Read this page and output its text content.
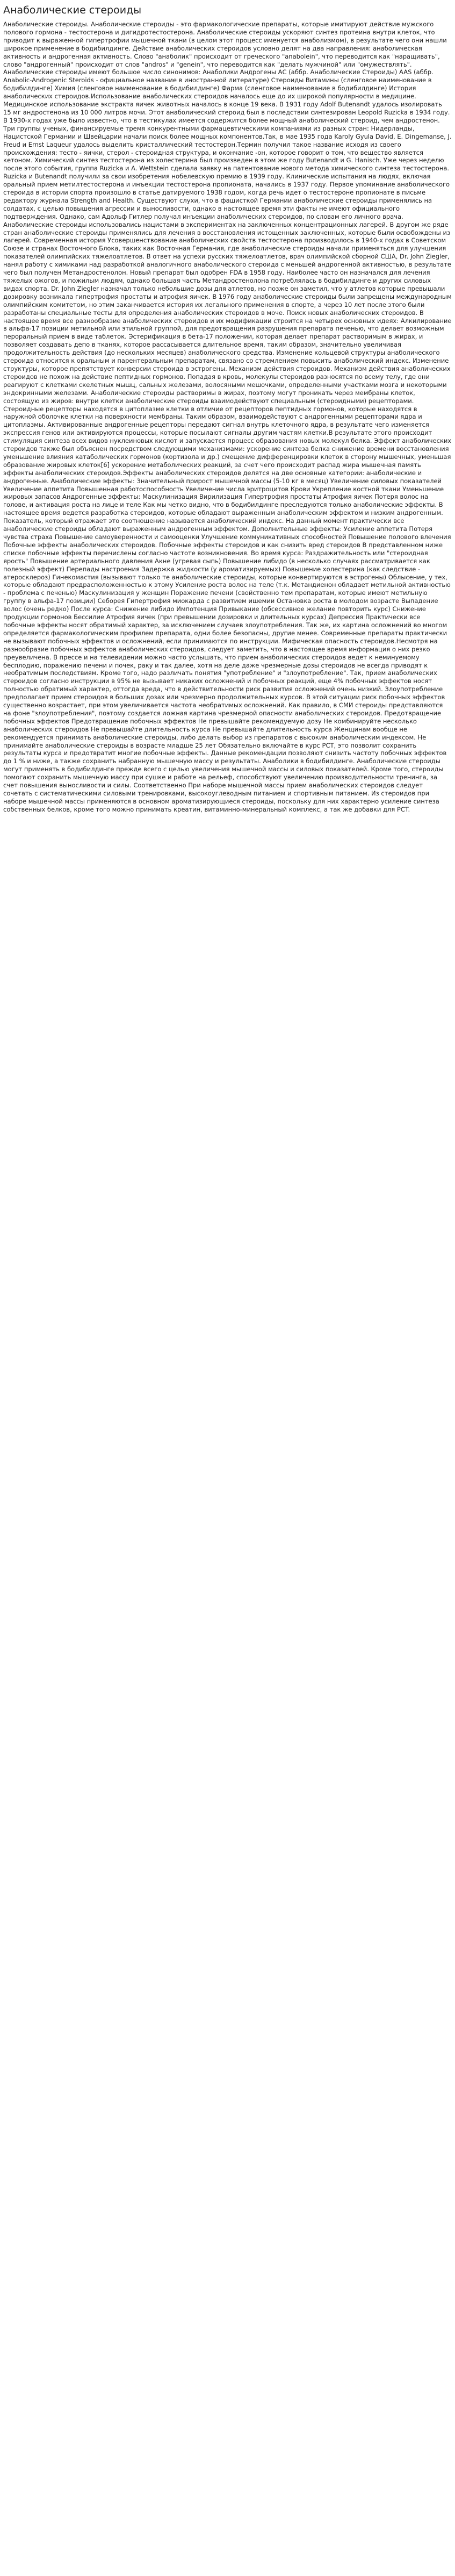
Анаболические стероиды

Анаболические стероиды. Анаболические стероиды - это фармакологические препараты, которые имитируют действие мужского полового гормона - тестостерона и дигидротестостерона. Анаболические стероиды ускоряют синтез протеина внутри клеток, что приводит к выраженной гипертрофии мышечной ткани (в целом этот процесс именуется анаболизмом), в результате чего они нашли широкое применение в бодибилдинге. Действие анаболических стероидов условно делят на два направления: анаболическая активность и андрогенная активность. Слово "анаболик" происходит от греческого "anabolein", что переводится как "наращивать", слово "андрогенный" происходит от слов "andros" и "genein", что переводится как "делать мужчиной" или "омужествлять". Анаболические стероиды имеют большое число синонимов: Анаболики Андрогены АС (аббр. Анаболические Стероиды) AAS (аббр. Anabolic-Androgenic Steroids - официальное название в иностранной литературе) Стероиды Витамины (сленговое наименование в бодибилдинге) Химия (сленговое наименование в бодибилдинге) Фарма (сленговое наименование в бодибилдинге) История анаболических стероидов.Использование анаболических стероидов началось еще до их широкой популярности в медицине. Медицинское использование экстракта яичек животных началось в конце 19 века. В 1931 году Adolf Butenandt удалось изолировать 15 мг андростенона из 10 000 литров мочи. Этот анаболический стероид был в последствии синтезирован Leopold Ruzicka в 1934 году. В 1930-х годах уже было известно, что в тестикулах имеется содержится более мощный анаболический стероид, чем андростенон. Три группы ученых, финансируемые тремя конкурентными фармацевтическими компаниями из разных стран: Нидерланды, Нацистской Германии и Швейцарии начали поиск более мощных компонентов.Так, в мае 1935 года Karoly Gyula David, E. Dingemanse, J. Freud и Ernst Laqueur удалось выделить кристаллический тестостерон.Термин получил такое название исходя из своего происхождения: тесто - яички, стерол - стероидная структура, и окончание -он, которое говорит о том, что вещество является кетоном. Химический синтез тестостерона из холестерина был произведен в этом же году Butenandt и G. Hanisch. Уже через неделю после этого события, группа Ruzicka и A. Wettstein сделала заявку на патентование нового метода химического синтеза тестостерона. Ruzicka и Butenandt получили за свои изобретения нобелевскую премию в 1939 году. Клинические испытания на людях, включая оральный прием метилтестостерона и инъекции тестостерона пропионата, начались в 1937 году. Первое упоминание анаболического стероида в истории спорта произошло в статье датируемого 1938 годом, когда речь идет о тестостероне пропионате в письме редактору журнала Strength and Health. Существуют слухи, что в фашисткой Германии анаболические стероиды применялись на солдатах, с целью повышения агрессии и выносливости, однако в настоящее время эти факты не имеют официального подтверждения. Однако, сам Адольф Гитлер получал инъекции анаболических стероидов, по словам его личного врача. Анаболические стероиды использовались нацистами в экспериментах на заключенных концентрационных лагерей. В другом же ряде стран анаболические стероиды применялись для лечения в восстановления истощенных заключенных, которые были освобождены из лагерей. Современная история Усовершенствование анаболических свойств тестостерона производилось в 1940-х годах в Советском Союзе и странах Восточного Блока, таких как Восточная Германия, где анаболические стероиды начали применяться для улучшения показателей олимпийских тяжелоатлетов. В ответ на успехи русских тяжелоатлетов, врач олимпийской сборной США, Dr. John Ziegler, нанял работу с химиками над разработкой аналогичного анаболического стероида с меньшей андрогенной активностью, в результате чего был получен Метандростенолон. Новый препарат был одобрен FDA в 1958 году. Наиболее часто он назначался для лечения тяжелых ожогов, и пожилым людям, однако большая часть Метандростенолона потреблялась в бодибилдинге и других силовых видах спорта. Dr. John Ziegler назначал только небольшие дозы для атлетов, но позже он заметил, что у атлетов которые превышали дозировку возникала гипертрофия простаты и атрофия яичек. В 1976 году анаболические стероиды были запрещены международным олимпийским комитетом, но этим заканчивается история их легального применения в спорте, а через 10 лет после этого были разработаны специальные тесты для определения анаболических стероидов в моче. Поиск новых анаболических стероидов. В настоящее время все разнообразие анаболических стероидов и их модификации строится на четырех основных идеях: Алкилирование в альфа-17 позиции метильной или этильной группой, для предотвращения разрушения препарата печенью, что делает возможным пероральный прием в виде таблеток. Эстерификация в бета-17 положении, которая делает препарат растворимым в жирах, и позволяет создавать депо в тканях, которое рассасывается длительное время, таким образом, значительно увеличивая продолжительность действия (до нескольких месяцев) анаболического средства. Изменение кольцевой структуры анаболического стероида относится к оральным и парентеральным препаратам, связано со стремлением повысить анаболический индекс. Изменение структуры, которое препятствует конверсии стероида в эстрогены. Механизм действия стероидов. Механизм действия анаболических стероидов не похож на действие пептидных гормонов. Попадая в кровь, молекулы стероидов разносятся по всему телу, где они реагируют с клетками скелетных мышц, сальных железами, волосяными мешочками, определенными участками мозга и некоторыми эндокринными железами. Анаболические стероиды растворимы в жирах, поэтому могут проникать через мембраны клеток, состоящую из жиров: внутри клетки анаболические стероиды взаимодействуют специальным (стероидными) рецепторами. Стероидные рецепторы находятся в цитоплазме клетки в отличие от рецепторов пептидных гормонов, которые находятся в наружной оболочке клетки на поверхности мембраны. Таким образом, взаимодействуют с андрогенными рецепторами ядра и цитоплазмы. Активированные андрогенные рецепторы передают сигнал внутрь клеточного ядра, в результате чего изменяется экспрессия генов или активируются процессы, которые посылают сигналы другим частям клетки.В результате этого происходит стимуляция синтеза всех видов нуклеиновых кислот и запускается процесс образования новых молекул белка. Эффект анаболических стероидов также был объяснен посредством следующими механизмами: ускорение синтеза белка снижение времени восстановления уменьшение влияния катаболических гормонов (кортизола и др.) смещение дифференцировки клеток в сторону мышечных, уменьшая образование жировых клеток[6] ускорение метаболических реакций, за счет чего происходит распад жира мышечная память эффекты анаболических стероидов.Эффекты анаболических стероидов делятся на две основные категории: анаболические и андрогенные. Анаболические эффекты: Значительный прирост мышечной массы (5-10 кг в месяц) Увеличение силовых показателей Увеличение аппетита Повышенная работоспособность Увеличение числа эритроцитов Крови Укрепление костной ткани Уменьшение жировых запасов Андрогенные эффекты: Маскулинизация Вирилизация Гипертрофия простаты Атрофия яичек Потеря волос на голове, и активация роста на лице и теле Как мы четко видно, что в бодибилдинге преследуются только анаболические эффекты. В настоящее время ведется разработка стероидов, которые обладают выраженным анаболическим эффектом и низким андрогенным. Показатель, который отражает это соотношение называется анаболический индекс. На данный момент практически все анаболические стероиды обладают выраженным андрогенным эффектом. Дополнительные эффекты: Усиление аппетита Потеря чувства страха Повышение самоуверенности и самооценки Улучшение коммуникативных способностей Повышение полового влечения Побочные эффекты анаболических стероидов. Побочные эффекты стероидов и как снизить вред стероидов В представленном ниже списке побочные эффекты перечислены согласно частоте возникновения. Во время курса: Раздражительность или "стероидная ярость" Повышение артериального давления Акне (угревая сыпь) Повышение либидо (в несколько случаях рассматривается как полезный эффект) Перепады настроения Задержка жидкости (у ароматизируемых) Повышение холестерина (как следствие - атеросклероз) Гинекомастия (вызывают только те анаболические стероиды, которые конвертируются в эстрогены) Облысение, у тех, которые обладают предрасположенностью к этому Усиление роста волос на теле (т.к. Метандиенон обладает метильной активностью - проблема с печенью) Маскулинизация у женщин Поражение печени (свойственно тем препаратам, которые имеют метильную группу в альфа-17 позиции) Себорея Гипертрофия миокарда с развитием ишемии Остановка роста в молодом возрасте Выпадение волос (очень редко) После курса: Снижение либидо Импотенция Привыкание (обсессивное желание повторить курс) Снижение продукции гормонов Бессилие Атрофия яичек (при превышении дозировки и длительных курсах) Депрессия Практически все побочные эффекты носят обратимый характер, за исключением случаев злоупотребления. Так же, их картина осложнений во многом определяется фармакологическим профилем препарата, одни более безопасны, другие менее. Современные препараты практически не вызывают побочных эффектов и осложнений, если принимаются по инструкции. Мифическая опасность стероидов.Несмотря на разнообразие побочных эффектов анаболических стероидов, следует заметить, что в настоящее время информация о них резко преувеличена. В прессе и на телевидении можно часто услышать, что прием анаболических стероидов ведет к неминуемому бесплодию, поражению печени и почек, раку и так далее, хотя на деле даже чрезмерные дозы стероидов не всегда приводят к необратимым последствиям. Кроме того, надо различать понятия "употребление" и "злоупотребление". Так, прием анаболических стероидов согласно инструкции в 95% не вызывает никаких осложнений и побочных реакций, еще 4% побочных эффектов носят полностью обратимый характер, оттогда вреда, что в действительности риск развития осложнений очень низкий. Злоупотребление предполагает прием стероидов в больших дозах или чрезмерно продолжительных курсов. В этой ситуации риск побочных эффектов существенно возрастает, при этом увеличивается частота необратимых осложнений. Как правило, в СМИ стероиды представляются на фоне "злоупотребления", поэтому создается ложная картина чрезмерной опасности анаболических стероидов. Предотвращение побочных эффектов Предотвращение побочных эффектов Не превышайте рекомендуемую дозу Не комбинируйте несколько анаболических стероидов Не превышайте длительность курса Не превышайте длительность курса Женщинам вообще не рекомендуется принимать анаболические стероиды, либо делать выбор из препаратов с высоким анаболическим индексом. Не принимайте анаболические стероиды в возрасте младше 25 лет Обязательно включайте в курс PCT, это позволит сохранить результаты курса и предотвратит многие побочные эффекты. Данные рекомендации позволяют снизить частоту побочных эффектов до 1 % и ниже, а также сохранить набранную мышечную массу и результаты. Анаболики в бодибилдинге. Анаболические стероиды могут применять в бодибилдинге прежде всего с целью увеличения мышечной массы и силовых показателей. Кроме того, стероиды помогают сохранить мышечную массу при сушке и работе на рельеф, способствуют увеличению производительности тренинга, за счет повышения выносливости и силы. Соответственно При наборе мышечной массы прием анаболических стероидов следует сочетать с систематическими силовыми тренировками, высокоуглеводным питанием и спортивным питанием. Из стероидов при наборе мышечной массы применяются в основном ароматизирующиеся стероиды, поскольку для них характерно усиление синтеза собственных белков, кроме того можно принимать креатин, витаминно-минеральный комплекс, а так же добавки для PCT.
